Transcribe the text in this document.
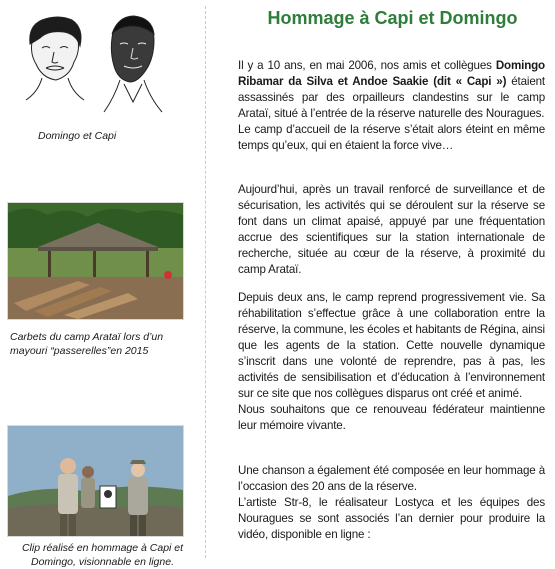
Domingo et Capi
Carbets du camp Arataï lors d’un mayouri “passerelles”en 2015
Clip réalisé en hommage à Capi et Domingo, visionnable en ligne.
Hommage à Capi et Domingo

Il y a 10 ans, en mai 2006, nos amis et collègues Domingo Ribamar da Silva et Andoe Saakie (dit « Capi ») étaient assassinés par des orpailleurs clandestins sur le camp Arataï, situé à l’entrée de la réserve naturelle des Nouragues.

Le camp d’accueil de la réserve s’était alors éteint en même temps qu’eux, qui en étaient la force vive…

Aujourd’hui, après un travail renforcé de surveillance et de sécurisation, les activités qui se déroulent sur la réserve se font dans un climat apaisé, appuyé par une fréquentation accrue des scientifiques sur la station internationale de recherche, située au cœur de la réserve, à proximité du camp Arataï.

Depuis deux ans, le camp reprend progressivement vie. Sa réhabilitation s’effectue grâce à une collaboration entre la réserve, la commune, les écoles et habitants de Régina, ainsi que les agents de la station. Cette nouvelle dynamique s’inscrit dans une volonté de reprendre, pas à pas, les activités de sensibilisation et d’éducation à l’environnement sur ce site que nos collègues disparus ont créé et animé.

Nous souhaitons que ce renouveau fédérateur maintienne leur mémoire vivante.

Une chanson a également été composée en leur hommage à l’occasion des 20 ans de la réserve.

L’artiste Str-8, le réalisateur Lostyca et les équipes des Nouragues se sont associés l’an dernier pour produire la vidéo, disponible en ligne :
